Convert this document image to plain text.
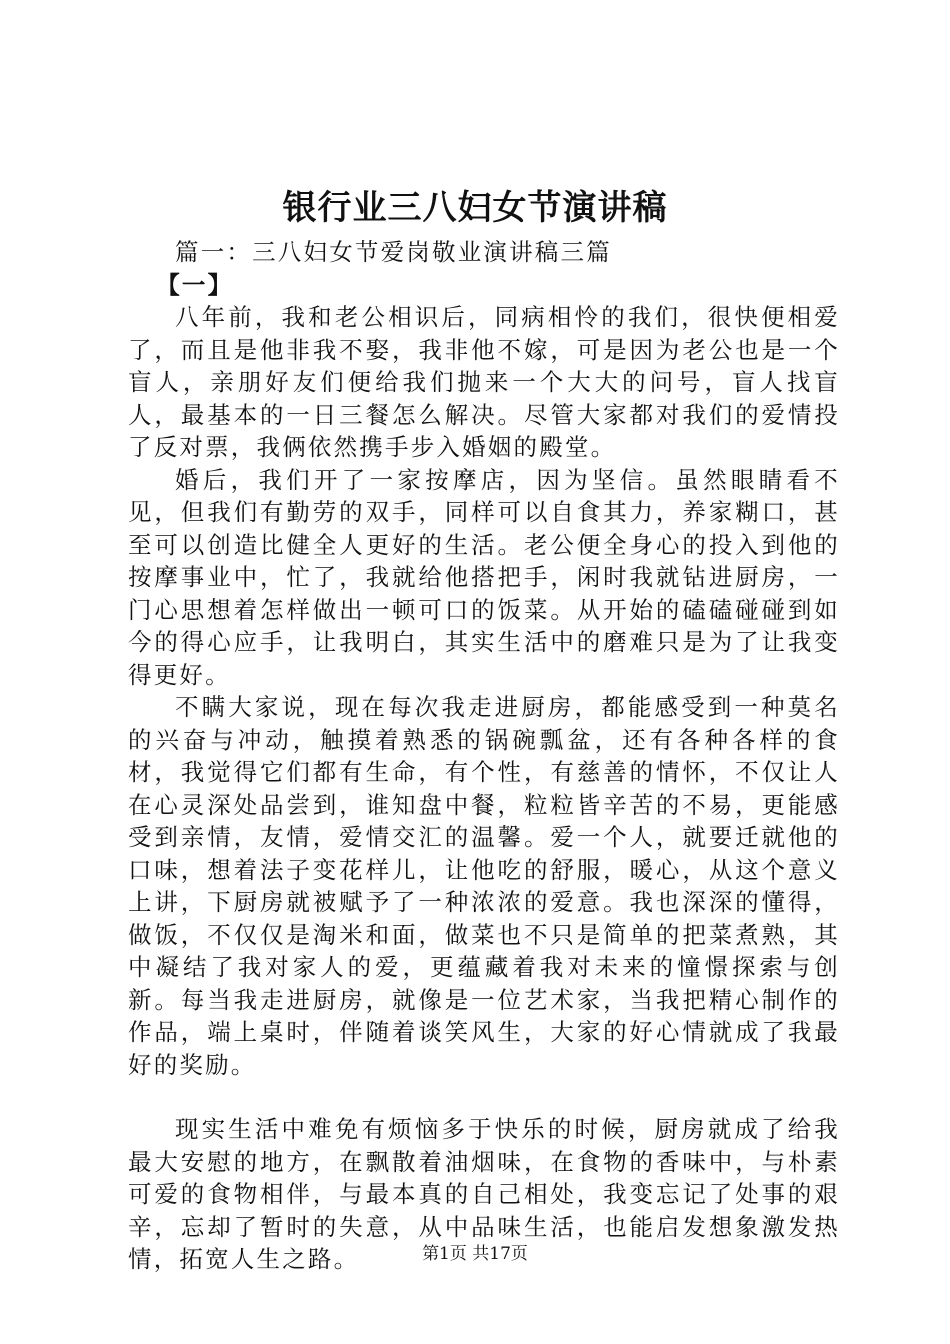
银行业三八妇女节演讲稿

篇一：三八妇女节爱岗敬业演讲稿三篇

【一】

八年前，我和老公相识后，同病相怜的我们，很快便相爱了，而且是他非我不娶，我非他不嫁，可是因为老公也是一个盲人，亲朋好友们便给我们抛来一个大大的问号，盲人找盲人，最基本的一日三餐怎么解决。尽管大家都对我们的爱情投了反对票，我俩依然携手步入婚姻的殿堂。

婚后，我们开了一家按摩店，因为坚信。虽然眼睛看不见，但我们有勤劳的双手，同样可以自食其力，养家糊口，甚至可以创造比健全人更好的生活。老公便全身心的投入到他的按摩事业中，忙了，我就给他搭把手，闲时我就钻进厨房，一门心思想着怎样做出一顿可口的饭菜。从开始的磕磕碰碰到如今的得心应手，让我明白，其实生活中的磨难只是为了让我变得更好。

不瞒大家说，现在每次我走进厨房，都能感受到一种莫名的兴奋与冲动，触摸着熟悉的锅碗瓢盆，还有各种各样的食材，我觉得它们都有生命，有个性，有慈善的情怀，不仅让人在心灵深处品尝到，谁知盘中餐，粒粒皆辛苦的不易，更能感受到亲情，友情，爱情交汇的温馨。爱一个人，就要迁就他的口味，想着法子变花样儿，让他吃的舒服，暖心，从这个意义上讲，下厨房就被赋予了一种浓浓的爱意。我也深深的懂得，做饭，不仅仅是淘米和面，做菜也不只是简单的把菜煮熟，其中凝结了我对家人的爱，更蕴藏着我对未来的憧憬探索与创新。每当我走进厨房，就像是一位艺术家，当我把精心制作的作品，端上桌时，伴随着谈笑风生，大家的好心情就成了我最好的奖励。

现实生活中难免有烦恼多于快乐的时候，厨房就成了给我最大安慰的地方，在飘散着油烟味，在食物的香味中，与朴素可爱的食物相伴，与最本真的自己相处，我变忘记了处事的艰辛，忘却了暂时的失意，从中品味生活，也能启发想象激发热情，拓宽人生之路。	第1页 共17页
